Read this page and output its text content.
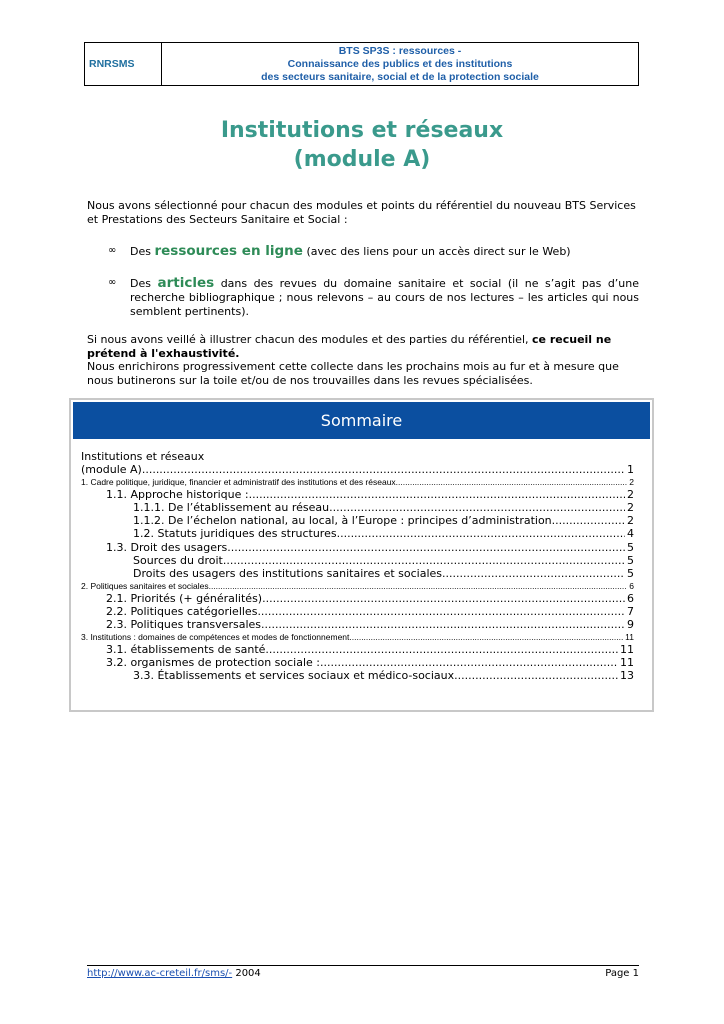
RNRSMS
BTS SP3S : ressources -
Connaissance des publics et des institutions
des secteurs sanitaire, social et de la protection sociale
Institutions et réseaux
(module A)
Nous avons sélectionné pour chacun des modules et points du référentiel du nouveau BTS Services et Prestations des Secteurs Sanitaire et Social :
∞ Des ressources en ligne (avec des liens pour un accès direct sur le Web)
∞ Des articles dans des revues du domaine sanitaire et social (il ne s’agit pas d’une recherche bibliographique ; nous relevons – au cours de nos lectures – les articles qui nous semblent pertinents).
Si nous avons veillé à illustrer chacun des modules et des parties du référentiel, ce recueil ne prétend à l'exhaustivité.
Nous enrichirons progressivement cette collecte dans les prochains mois au fur et à mesure que nous butinerons sur la toile et/ou de nos trouvailles dans les revues spécialisées.
Sommaire
Institutions et réseaux
(module A) .....	1
1. Cadre politique, juridique, financier et administratif des institutions et des réseaux .....	2
1.1. Approche historique : .....	2
1.1.1. De l’établissement au réseau .....	2
1.1.2. De l’échelon national, au local, à l’Europe : principes d’administration. .....	2
1.2. Statuts juridiques des structures .....	4
1.3. Droit des usagers. .....	5
Sources du droit .....	5
Droits des usagers des institutions sanitaires et sociales. .....	5
2. Politiques sanitaires et sociales. .....	6
2.1. Priorités (+ généralités). .....	6
2.2. Politiques catégorielles .....	7
2.3. Politiques transversales. .....	9
3. Institutions : domaines de compétences et modes de fonctionnement .....	11
3.1. établissements de santé .....	11
3.2. organismes de protection sociale : .....	11
3.3. Établissements et services sociaux et médico-sociaux .....	13
http://www.ac-creteil.fr/sms/- 2004	Page 1
